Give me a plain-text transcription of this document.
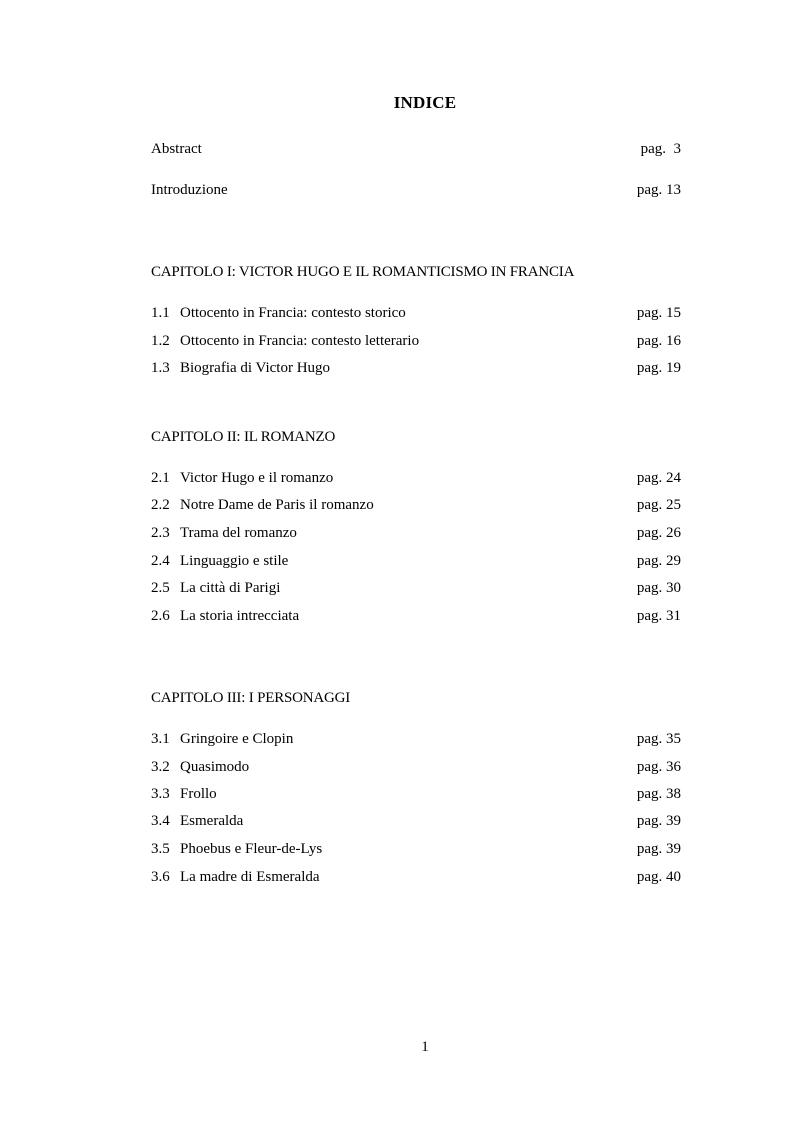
INDICE
Abstract	pag.  3
Introduzione	pag. 13
CAPITOLO I: VICTOR HUGO E IL ROMANTICISMO IN FRANCIA
1.1 Ottocento in Francia: contesto storico	pag. 15
1.2 Ottocento in Francia: contesto letterario	pag. 16
1.3 Biografia di Victor Hugo	pag. 19
CAPITOLO II: IL ROMANZO
2.1 Victor Hugo e il romanzo	pag. 24
2.2 Notre Dame de Paris il romanzo	pag. 25
2.3 Trama del romanzo	pag. 26
2.4 Linguaggio e stile	pag. 29
2.5 La città di Parigi	pag. 30
2.6 La storia intrecciata	pag. 31
CAPITOLO III: I PERSONAGGI
3.1 Gringoire e Clopin	pag. 35
3.2 Quasimodo	pag. 36
3.3 Frollo	pag. 38
3.4 Esmeralda	pag. 39
3.5 Phoebus e Fleur-de-Lys	pag. 39
3.6 La madre di Esmeralda	pag. 40
1
